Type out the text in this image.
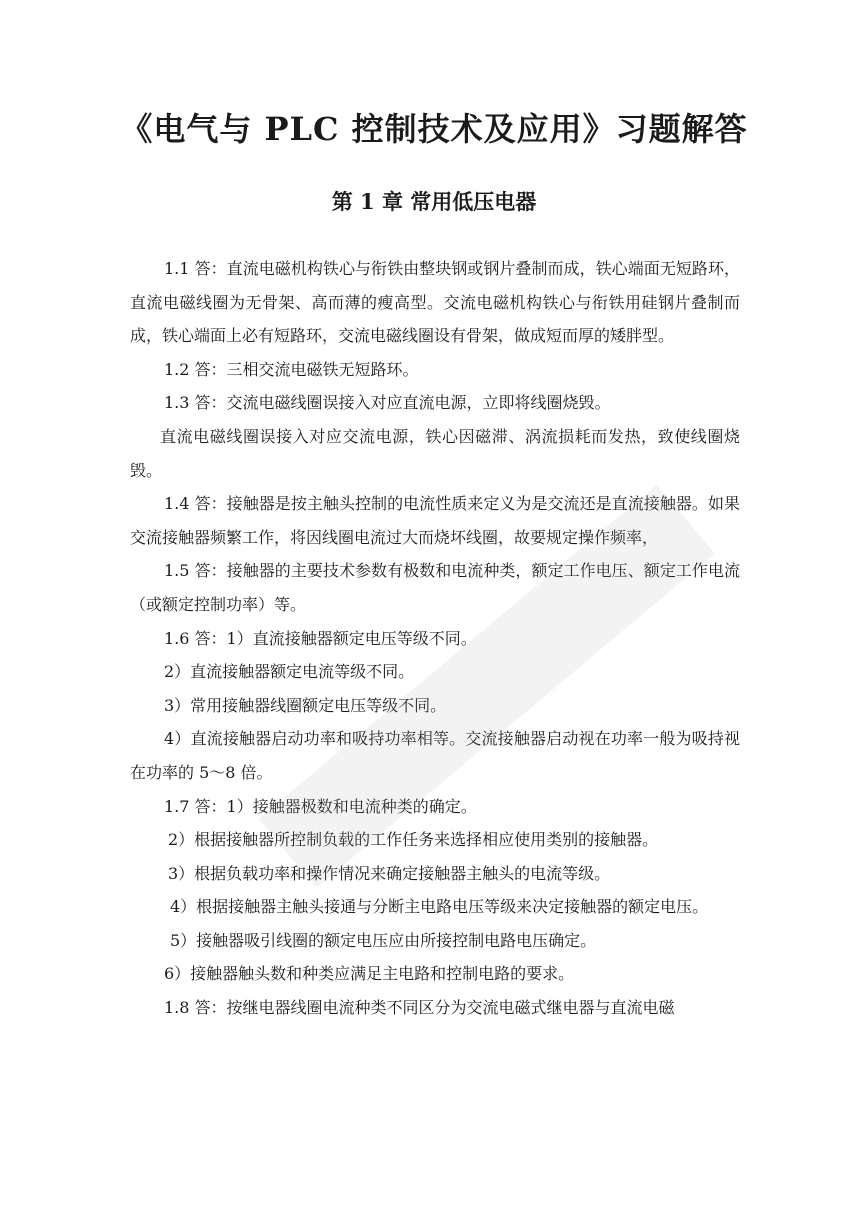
《电气与 PLC 控制技术及应用》习题解答
第 1 章 常用低压电器

1.1 答：直流电磁机构铁心与衔铁由整块钢或钢片叠制而成，铁心端面无短路环，直流电磁线圈为无骨架、高而薄的瘦高型。交流电磁机构铁心与衔铁用硅钢片叠制而成，铁心端面上必有短路环，交流电磁线圈设有骨架，做成短而厚的矮胖型。

1.2 答：三相交流电磁铁无短路环。

1.3 答：交流电磁线圈误接入对应直流电源，立即将线圈烧毁。

直流电磁线圈误接入对应交流电源，铁心因磁滞、涡流损耗而发热，致使线圈烧毁。

1.4 答：接触器是按主触头控制的电流性质来定义为是交流还是直流接触器。如果交流接触器频繁工作，将因线圈电流过大而烧坏线圈，故要规定操作频率，

1.5 答：接触器的主要技术参数有极数和电流种类，额定工作电压、额定工作电流（或额定控制功率）等。

1.6 答：1）直流接触器额定电压等级不同。

2）直流接触器额定电流等级不同。

3）常用接触器线圈额定电压等级不同。

4）直流接触器启动功率和吸持功率相等。交流接触器启动视在功率一般为吸持视在功率的 5～8 倍。

1.7 答：1）接触器极数和电流种类的确定。

2）根据接触器所控制负载的工作任务来选择相应使用类别的接触器。

3）根据负载功率和操作情况来确定接触器主触头的电流等级。

4）根据接触器主触头接通与分断主电路电压等级来决定接触器的额定电压。

5）接触器吸引线圈的额定电压应由所接控制电路电压确定。

6）接触器触头数和种类应满足主电路和控制电路的要求。

1.8 答：按继电器线圈电流种类不同区分为交流电磁式继电器与直流电磁
